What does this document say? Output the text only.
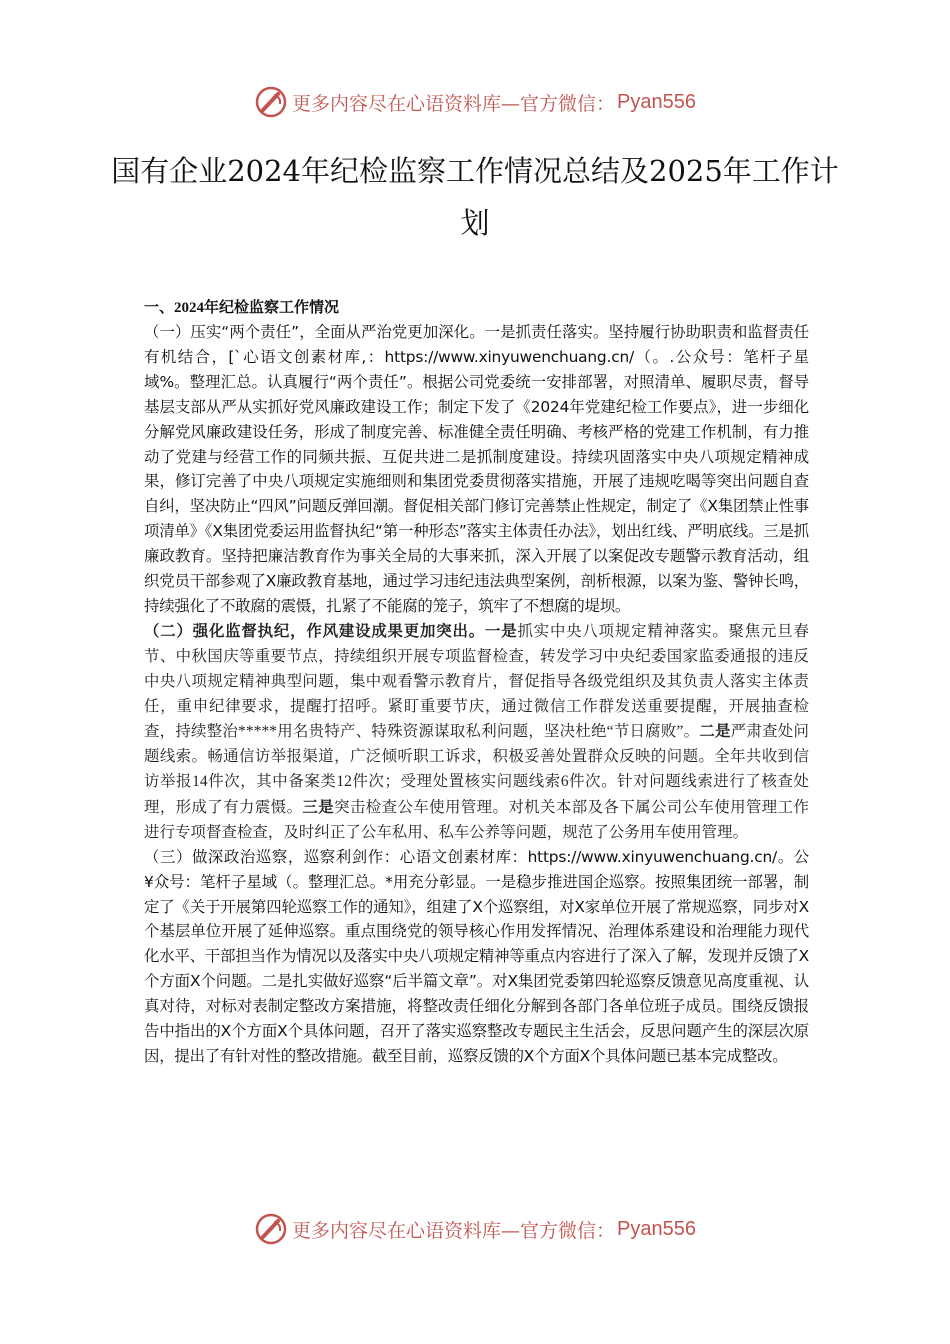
更多内容尽在心语资料库—官方微信： Pyan556
国有企业2024年纪检监察工作情况总结及2025年工作计划

一、2024年纪检监察工作情况

（一）压实“两个责任”，全面从严治党更加深化。一是抓责任落实。坚持履行协助职责和监督责任有机结合，[`心语文创素材库,：https://www.xinyuwenchuang.cn/（。.公众号：笔杆子星域%。整理汇总。认真履行“两个责任”。根据公司党委统一安排部署，对照清单、履职尽责，督导基层支部从严从实抓好党风廉政建设工作；制定下发了《2024年党建纪检工作要点》，进一步细化分解党风廉政建设任务，形成了制度完善、标准健全责任明确、考核严格的党建工作机制，有力推动了党建与经营工作的同频共振、互促共进二是抓制度建设。持续巩固落实中央八项规定精神成果，修订完善了中央八项规定实施细则和集团党委贯彻落实措施，开展了违规吃喝等突出问题自查自纠，坚决防止“四风”问题反弹回潮。督促相关部门修订完善禁止性规定，制定了《X集团禁止性事项清单》《X集团党委运用监督执纪“第一种形态”落实主体责任办法》，划出红线、严明底线。三是抓廉政教育。坚持把廉洁教育作为事关全局的大事来抓，深入开展了以案促改专题警示教育活动，组织党员干部参观了X廉政教育基地，通过学习违纪违法典型案例，剖析根源，以案为鉴、警钟长鸣，持续强化了不敢腐的震慑，扎紧了不能腐的笼子，筑牢了不想腐的堤坝。

（二）强化监督执纪，作风建设成果更加突出。一是抓实中央八项规定精神落实。聚焦元旦春节、中秋国庆等重要节点，持续组织开展专项监督检查，转发学习中央纪委国家监委通报的违反中央八项规定精神典型问题，集中观看警示教育片，督促指导各级党组织及其负责人落实主体责任，重申纪律要求，提醒打招呼。紧盯重要节庆，通过微信工作群发送重要提醒，开展抽查检查，持续整治*****用名贵特产、特殊资源谋取私利问题，坚决杜绝“节日腐败”。二是严肃查处问题线索。畅通信访举报渠道，广泛倾听职工诉求，积极妥善处置群众反映的问题。全年共收到信访举报14件次，其中备案类12件次；受理处置核实问题线索6件次。针对问题线索进行了核查处理，形成了有力震慑。三是突击检查公车使用管理。对机关本部及各下属公司公车使用管理工作进行专项督查检查，及时纠正了公车私用、私车公养等问题，规范了公务用车使用管理。

（三）做深政治巡察，巡察利剑作：心语文创素材库：https://www.xinyuwenchuang.cn/。公¥众号：笔杆子星域（。整理汇总。*用充分彰显。一是稳步推进国企巡察。按照集团统一部署，制定了《关于开展第四轮巡察工作的通知》，组建了X个巡察组，对X家单位开展了常规巡察，同步对X个基层单位开展了延伸巡察。重点围绕党的领导核心作用发挥情况、治理体系建设和治理能力现代化水平、干部担当作为情况以及落实中央八项规定精神等重点内容进行了深入了解，发现并反馈了X个方面X个问题。二是扎实做好巡察“后半篇文章”。对X集团党委第四轮巡察反馈意见高度重视、认真对待，对标对表制定整改方案措施，将整改责任细化分解到各部门各单位班子成员。围绕反馈报告中指出的X个方面X个具体问题，召开了落实巡察整改专题民主生活会，反思问题产生的深层次原因，提出了有针对性的整改措施。截至目前，巡察反馈的X个方面X个具体问题已基本完成整改。

更多内容尽在心语资料库—官方微信： Pyan556
